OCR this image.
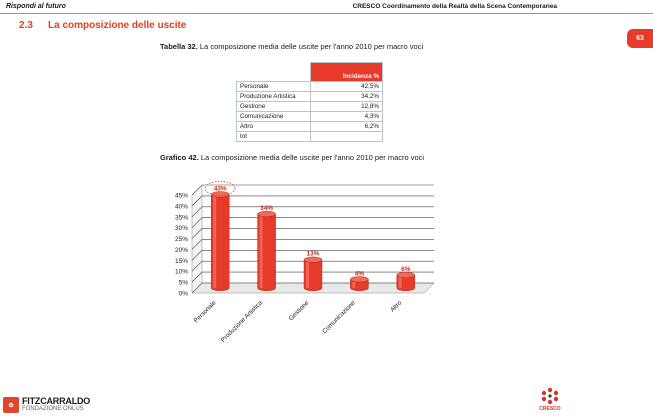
Rispondi al futuro	CRESCO Coordinamento della Realtà della Scena Contemporanea
2.3 La composizione delle uscite
63
Tabella 32. La composizione media delle uscite per l'anno 2010 per macro voci
	Incidenza %
Personale	42,5%
Produzione Artistica	34,2%
Gestione	12,8%
Comunicazione	4,3%
Altro	6,2%
tot	
Grafico 42. La composizione media delle uscite per l'anno 2010 per macro voci
0%
5%
10%
15%
20%
25%
30%
35%
40%
45%
43%
Personale
34%
Produzione Artistica
13%
Gestione
4%
Comunicazione
6%
Altro
✿ FITZCARRALDO
FONDAZIONE ONLUS	CRESCO
